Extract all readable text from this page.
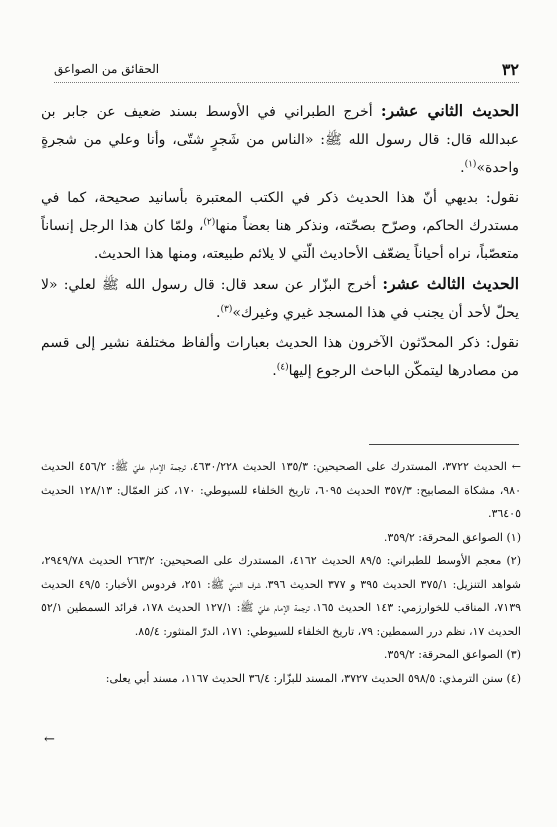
٣٢
الحقائق من الصواعق

الحديث الثاني عشر: أخرج الطبراني في الأوسط بسند ضعيف عن جابر بن عبدالله قال: قال رسول الله ﷺ: «الناس من شَجرٍ شتّى، وأنا وعلي من شجرةٍ واحدة»$^{(١)}$.

نقول: بديهي أنّ هذا الحديث ذكر في الكتب المعتبرة بأسانيد صحيحة، كما في مستدرك الحاكم، وصرّح بصحّته، ونذكر هنا بعضاً منها$^{(٢)}$، ولمّا كان هذا الرجل إنساناً متعصّباً، نراه أحياناً يضعّف الأحاديث الّتي لا يلائم طبيعته، ومنها هذا الحديث.

الحديث الثالث عشر: أخرج البزّار عن سعد قال: قال رسول الله ﷺ لعلي: «لا يحلّ لأحد أن يجنب في هذا المسجد غيري وغيرك»$^{(٣)}$.

نقول: ذكر المحدّثون الآخرون هذا الحديث بعبارات وألفاظ مختلفة نشير إلى قسم من مصادرها ليتمكّن الباحث الرجوع إليها$^{(٤)}$.

← الحديث ٣٧٢٢، المستدرك على الصحيحين: ١٣٥/٣ الحديث ٤٦٣٠/٢٢٨، ترجمة الإمام عليّ ﷺ: ٤٥٦/٢ الحديث ٩٨٠، مشكاة المصابيح: ٣٥٧/٣ الحديث ٦٠٩٥، تاريخ الخلفاء للسيوطي: ١٧٠، كنز العمّال: ١٢٨/١٣ الحديث ٣٦٤٠٥.

(١) الصواعق المحرقة: ٣٥٩/٢.

(٢) معجم الأوسط للطبراني: ٨٩/٥ الحديث ٤١٦٢، المستدرك على الصحيحين: ٢٦٣/٢ الحديث ٢٩٤٩/٧٨، شواهد التنزيل: ٣٧٥/١ الحديث ٣٩٥ و ٣٧٧ الحديث ٣٩٦، شرف النبيّ ﷺ: ٢٥١، فردوس الأخبار: ٤٩/٥ الحديث ٧١٣٩، المناقب للخوارزمي: ١٤٣ الحديث ١٦٥، ترجمة الإمام عليّ ﷺ: ١٢٧/١ الحديث ١٧٨، فرائد السمطين ٥٢/١ الحديث ١٧، نظم درر السمطين: ٧٩، تاريخ الخلفاء للسيوطي: ١٧١، الدرّ المنثور: ٨٥/٤.

(٣) الصواعق المحرقة: ٣٥٩/٢.

(٤) سنن الترمذي: ٥٩٨/٥ الحديث ٣٧٢٧، المسند للبزّار: ٣٦/٤ الحديث ١١٦٧، مسند أبي يعلى:

←
